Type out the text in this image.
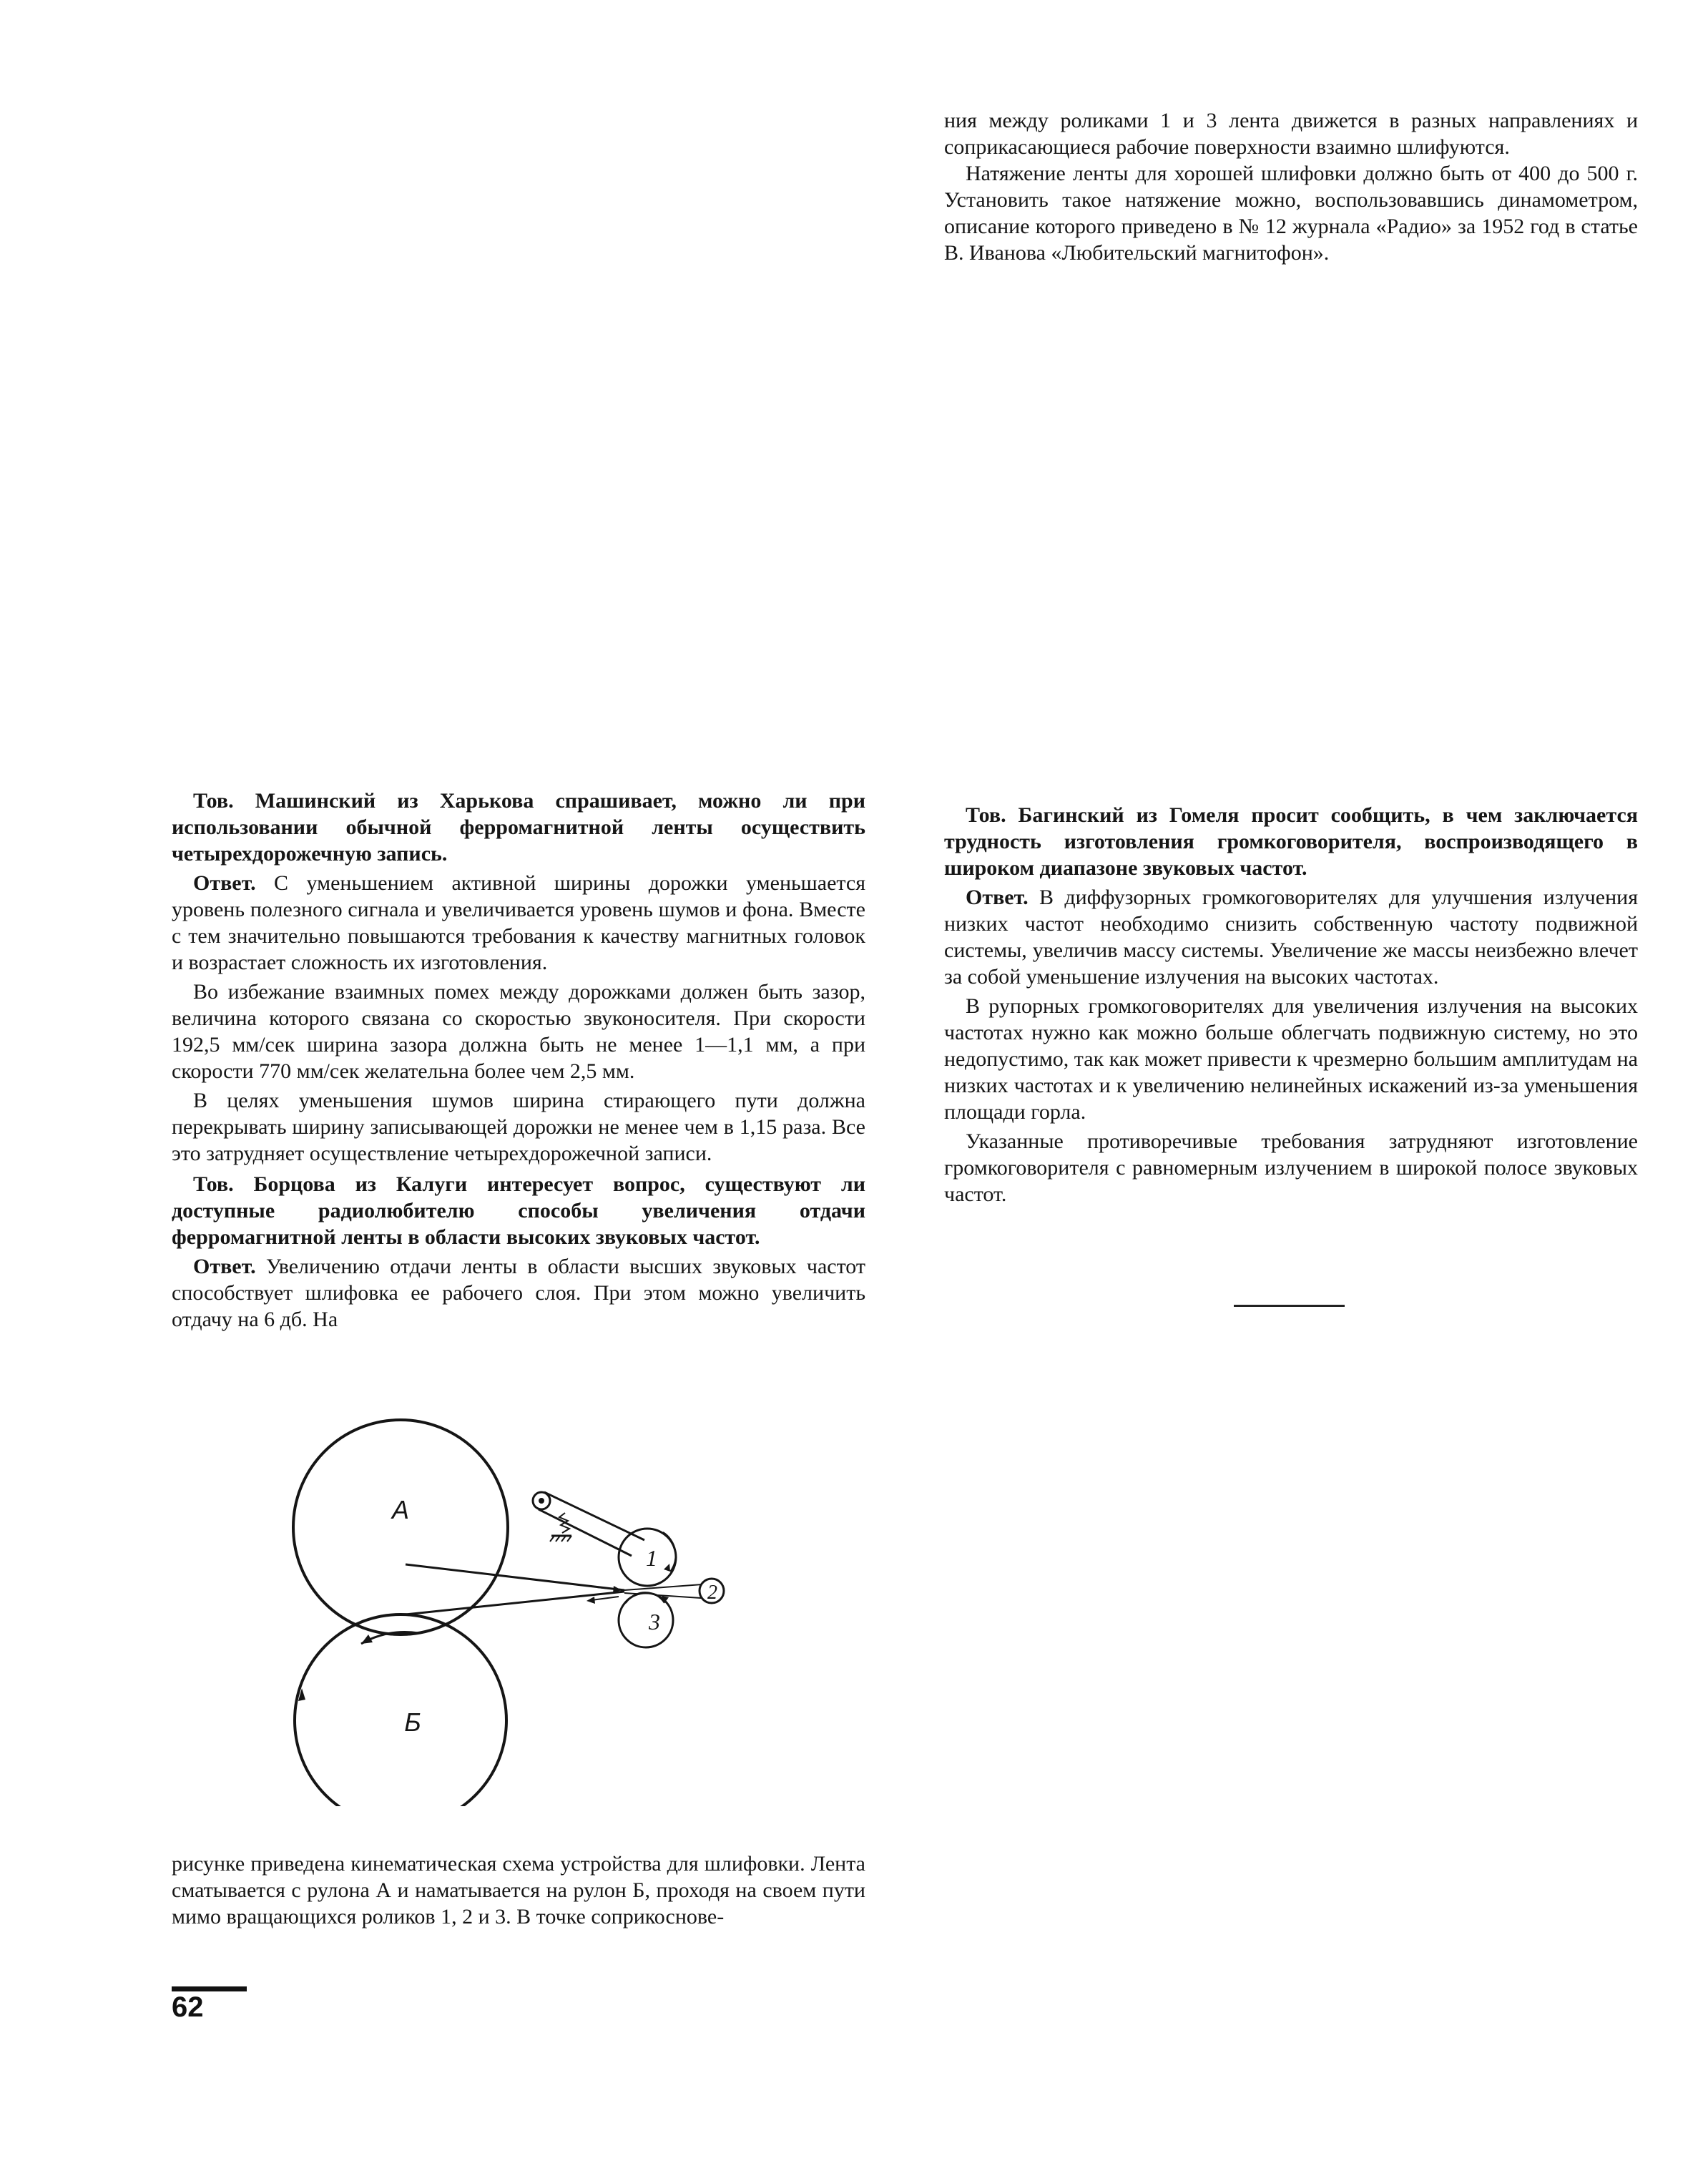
ния между роликами 1 и 3 лента движется в разных направлениях и соприкасающиеся рабочие поверхности взаимно шлифуются.

Натяжение ленты для хорошей шлифовки должно быть от 400 до 500 г. Установить такое натяжение можно, воспользовавшись динамометром, описание которого приведено в № 12 журнала «Радио» за 1952 год в статье В. Иванова «Любительский магнитофон».

Тов. Машинский из Харькова спрашивает, можно ли при использовании обычной ферромагнитной ленты осуществить четырехдорожечную запись.

Ответ. С уменьшением активной ширины дорожки уменьшается уровень полезного сигнала и увеличивается уровень шумов и фона. Вместе с тем значительно повышаются требования к качеству магнитных головок и возрастает сложность их изготовления.

Во избежание взаимных помех между дорожками должен быть зазор, величина которого связана со скоростью звуконосителя. При скорости 192,5 мм/сек ширина зазора должна быть не менее 1—1,1 мм, а при скорости 770 мм/сек желательна более чем 2,5 мм.

В целях уменьшения шумов ширина стирающего пути должна перекрывать ширину записывающей дорожки не менее чем в 1,15 раза. Все это затрудняет осуществление четырехдорожечной записи.

Тов. Борцова из Калуги интересует вопрос, существуют ли доступные радиолюбителю способы увеличения отдачи ферромагнитной ленты в области высоких звуковых частот.

Ответ. Увеличению отдачи ленты в области высших звуковых частот способствует шлифовка ее рабочего слоя. При этом можно увеличить отдачу на 6 дб. На

Тов. Багинский из Гомеля просит сообщить, в чем заключается трудность изготовления громкоговорителя, воспроизводящего в широком диапазоне звуковых частот.

Ответ. В диффузорных громкоговорителях для улучшения излучения низких частот необходимо снизить собственную частоту подвижной системы, увеличив массу системы. Увеличение же массы неизбежно влечет за собой уменьшение излучения на высоких частотах.

В рупорных громкоговорителях для увеличения излучения на высоких частотах нужно как можно больше облегчать подвижную систему, но это недопустимо, так как может привести к чрезмерно большим амплитудам на низких частотах и к увеличению нелинейных искажений из-за уменьшения площади горла.

Указанные противоречивые требования затрудняют изготовление громкоговорителя с равномерным излучением в широкой полосе звуковых частот.

А
Б
1
3
2

рисунке приведена кинематическая схема устройства для шлифовки. Лента сматывается с рулона А и наматывается на рулон Б, проходя на своем пути мимо вращающихся роликов 1, 2 и 3. В точке соприкоснове-

62
